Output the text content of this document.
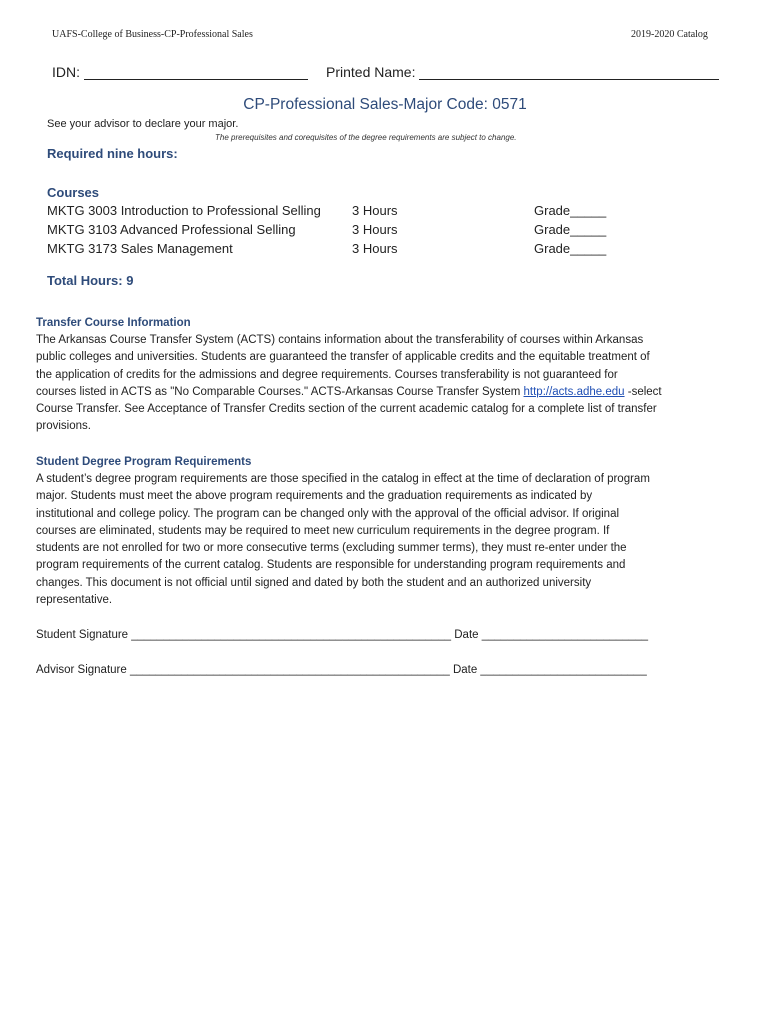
UAFS-College of Business-CP-Professional Sales	2019-2020 Catalog
IDN:	Printed Name:
CP-Professional Sales-Major Code: 0571
See your advisor to declare your major.
The prerequisites and corequisites of the degree requirements are subject to change.
Required nine hours:
Courses
MKTG 3003 Introduction to Professional Selling 3 Hours	Grade_____
MKTG 3103 Advanced Professional Selling	3 Hours	Grade_____
MKTG 3173 Sales Management	3 Hours	Grade_____
Total Hours: 9
Transfer Course Information
The Arkansas Course Transfer System (ACTS) contains information about the transferability of courses within Arkansas
public colleges and universities. Students are guaranteed the transfer of applicable credits and the equitable treatment of
the application of credits for the admissions and degree requirements. Courses transferability is not guaranteed for
courses listed in ACTS as "No Comparable Courses." ACTS-Arkansas Course Transfer System http://acts.adhe.edu -select
Course Transfer. See Acceptance of Transfer Credits section of the current academic catalog for a complete list of transfer
provisions.
Student Degree Program Requirements
A student’s degree program requirements are those specified in the catalog in effect at the time of declaration of program
major. Students must meet the above program requirements and the graduation requirements as indicated by
institutional and college policy. The program can be changed only with the approval of the official advisor. If original
courses are eliminated, students may be required to meet new curriculum requirements in the degree program. If
students are not enrolled for two or more consecutive terms (excluding summer terms), they must re-enter under the
program requirements of the current catalog. Students are responsible for understanding program requirements and
changes. This document is not official until signed and dated by both the student and an authorized university
representative.
Student Signature __________________________________________________ Date __________________________
Advisor Signature __________________________________________________ Date __________________________
